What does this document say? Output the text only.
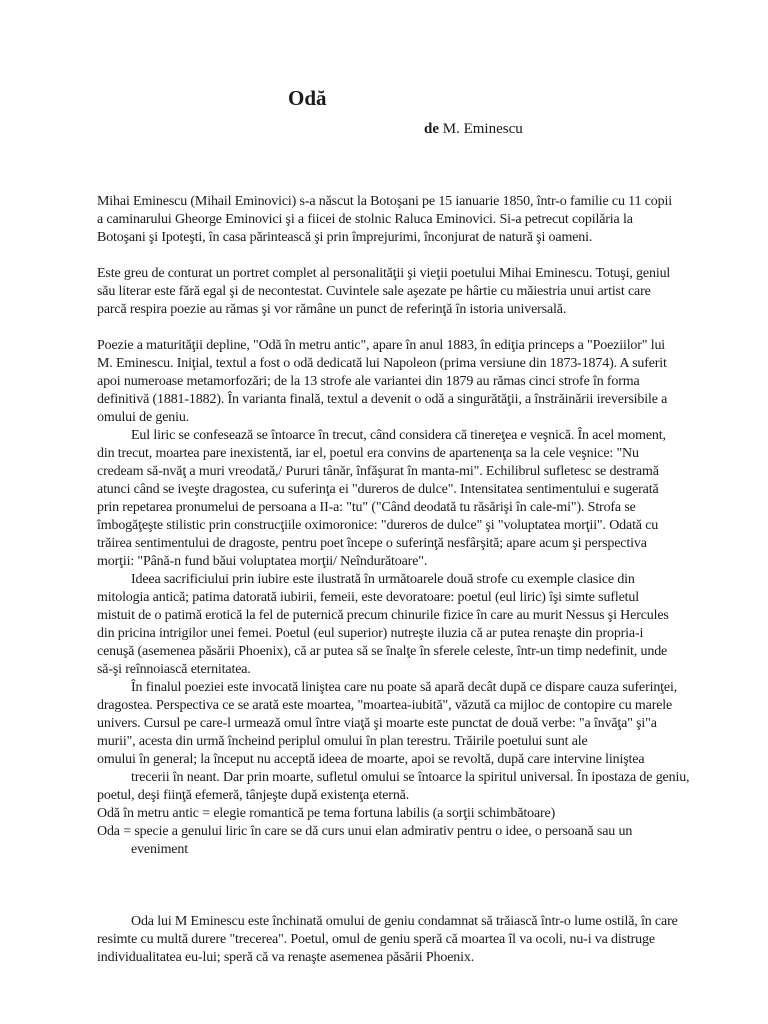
Odă

de M. Eminescu

Mihai Eminescu (Mihail Eminovici) s-a născut la Botoşani pe 15 ianuarie 1850, într-o familie cu 11 copii
a caminarului Gheorge Eminovici şi a fiicei de stolnic Raluca Eminovici. Si-a petrecut copilăria la
Botoşani şi Ipoteşti, în casa părintească şi prin împrejurimi, înconjurat de natură şi oameni.
Este greu de conturat un portret complet al personalităţii şi vieţii poetului Mihai Eminescu. Totuşi, geniul
său literar este fără egal şi de necontestat. Cuvintele sale aşezate pe hârtie cu măiestria unui artist care
parcă respira poezie au rămas şi vor rămâne un punct de referinţă în istoria universală.
Poezie a maturităţii depline, "Odă în metru antic", apare în anul 1883, în ediţia princeps a "Poeziilor" lui
M. Eminescu. Iniţial, textul a fost o odă dedicată lui Napoleon (prima versiune din 1873-1874). A suferit
apoi numeroase metamorfozări; de la 13 strofe ale variantei din 1879 au rămas cinci strofe în forma
definitivă (1881-1882). În varianta finală, textul a devenit o odă a singurătăţii, a înstrăinării ireversibile a
omului de geniu.
Eul liric se confesează se întoarce în trecut, când considera că tinereţea e veşnică. În acel moment,
din trecut, moartea pare inexistentă, iar el, poetul era convins de apartenenţa sa la cele veşnice: "Nu
credeam să-nvăţ a muri vreodată,/ Pururi tânăr, înfăşurat în manta-mi". Echilibrul sufletesc se destramă
atunci când se iveşte dragostea, cu suferinţa ei "dureros de dulce". Intensitatea sentimentului e sugerată
prin repetarea pronumelui de persoana a II-a: "tu" ("Când deodată tu răsărişi în cale-mi"). Strofa se
îmbogăţeşte stilistic prin construcţiile oximoronice: "dureros de dulce" şi "voluptatea morţii". Odată cu
trăirea sentimentului de dragoste, pentru poet începe o suferinţă nesfârşită; apare acum şi perspectiva
morţii: "Până-n fund băui voluptatea morţii/ Neîndurătoare".
Ideea sacrificiului prin iubire este ilustrată în următoarele două strofe cu exemple clasice din
mitologia antică; patima datorată iubirii, femeii, este devoratoare: poetul (eul liric) îşi simte sufletul
mistuit de o patimă erotică la fel de puternică precum chinurile fizice în care au murit Nessus şi Hercules
din pricina intrigilor unei femei. Poetul (eul superior) nutreşte iluzia că ar putea renaşte din propria-i
cenuşă (asemenea păsării Phoenix), că ar putea să se înalţe în sferele celeste, într-un timp nedefinit, unde
să-şi reînnoiască eternitatea.
În finalul poeziei este invocată liniştea care nu poate să apară decât după ce dispare cauza suferinţei,
dragostea. Perspectiva ce se arată este moartea, "moartea-iubită", văzută ca mijloc de contopire cu marele
univers. Cursul pe care-l urmează omul între viaţă şi moarte este punctat de două verbe: "a învăţa" şi"a
murii", acesta din urmă încheind periplul omului în plan terestru. Trăirile poetului sunt ale
omului în general; la început nu acceptă ideea de moarte, apoi se revoltă, după care intervine liniştea
trecerii în neant. Dar prin moarte, sufletul omului se întoarce la spiritul universal. În ipostaza de geniu,
poetul, deşi fiinţă efemeră, tânjeşte după existenţa eternă.
Odă în metru antic = elegie romantică pe tema fortuna labilis (a sorţii schimbătoare)
Oda = specie a genului liric în care se dă curs unui elan admirativ pentru o idee, o persoană sau un
eveniment
Oda lui M Eminescu este închinată omului de geniu condamnat să trăiască într-o lume ostilă, în care
resimte cu multă durere "trecerea". Poetul, omul de geniu speră că moartea îl va ocoli, nu-i va distruge
individualitatea eu-lui; speră că va renaşte asemenea păsării Phoenix.
